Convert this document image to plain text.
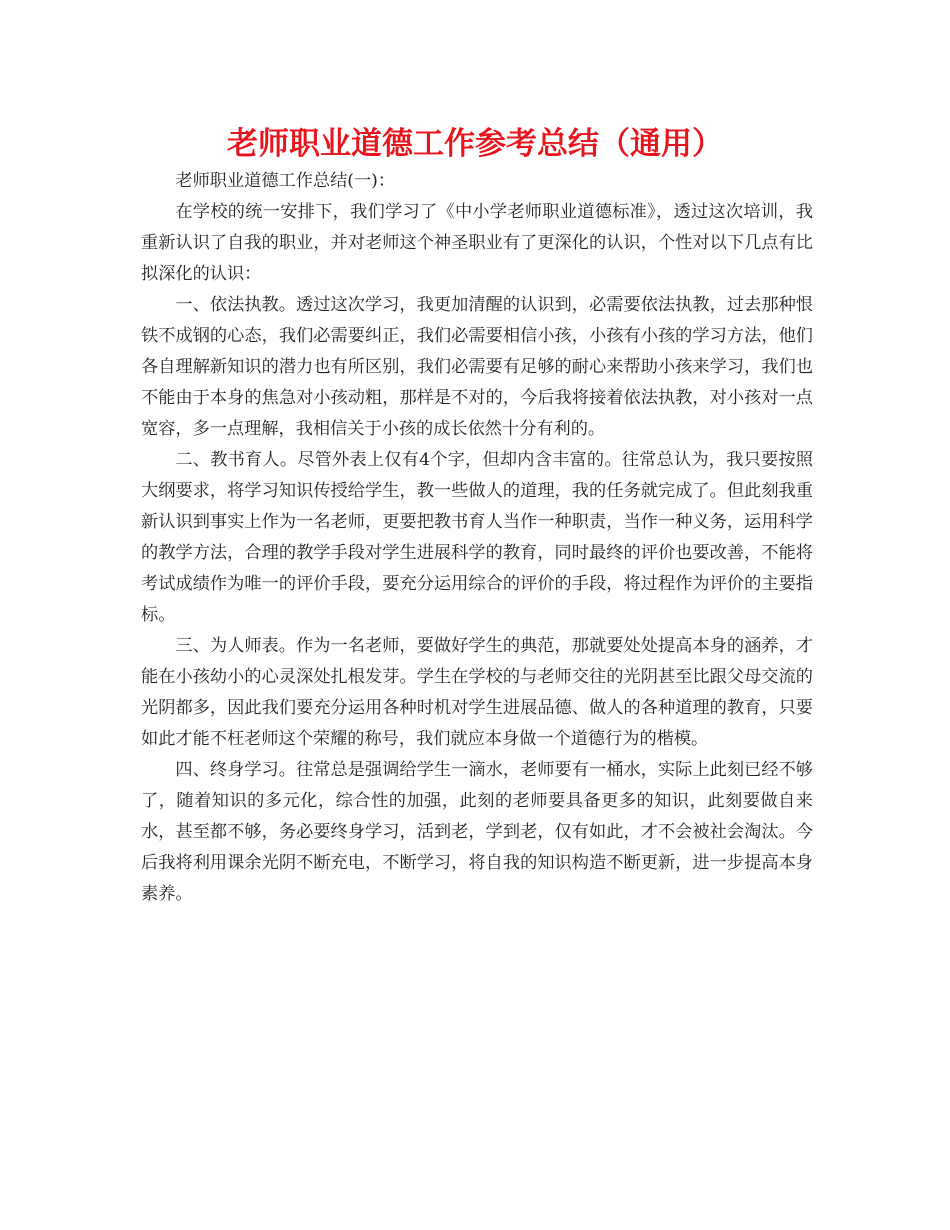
老师职业道德工作参考总结（通用）

老师职业道德工作总结(一)：

在学校的统一安排下，我们学习了《中小学老师职业道德标准》，透过这次培训，我重新认识了自我的职业，并对老师这个神圣职业有了更深化的认识，个性对以下几点有比拟深化的认识：

一、依法执教。透过这次学习，我更加清醒的认识到，必需要依法执教，过去那种恨铁不成钢的心态，我们必需要纠正，我们必需要相信小孩，小孩有小孩的学习方法，他们各自理解新知识的潜力也有所区别，我们必需要有足够的耐心来帮助小孩来学习，我们也不能由于本身的焦急对小孩动粗，那样是不对的，今后我将接着依法执教，对小孩对一点宽容，多一点理解，我相信关于小孩的成长依然十分有利的。

二、教书育人。尽管外表上仅有4个字，但却内含丰富的。往常总认为，我只要按照大纲要求，将学习知识传授给学生，教一些做人的道理，我的任务就完成了。但此刻我重新认识到事实上作为一名老师，更要把教书育人当作一种职责，当作一种义务，运用科学的教学方法，合理的教学手段对学生进展科学的教育，同时最终的评价也要改善，不能将考试成绩作为唯一的评价手段，要充分运用综合的评价的手段，将过程作为评价的主要指标。

三、为人师表。作为一名老师，要做好学生的典范，那就要处处提高本身的涵养，才能在小孩幼小的心灵深处扎根发芽。学生在学校的与老师交往的光阴甚至比跟父母交流的光阴都多，因此我们要充分运用各种时机对学生进展品德、做人的各种道理的教育，只要如此才能不枉老师这个荣耀的称号，我们就应本身做一个道德行为的楷模。

四、终身学习。往常总是强调给学生一滴水，老师要有一桶水，实际上此刻已经不够了，随着知识的多元化，综合性的加强，此刻的老师要具备更多的知识，此刻要做自来水，甚至都不够，务必要终身学习，活到老，学到老，仅有如此，才不会被社会淘汰。今后我将利用课余光阴不断充电，不断学习，将自我的知识构造不断更新，进一步提高本身素养。
